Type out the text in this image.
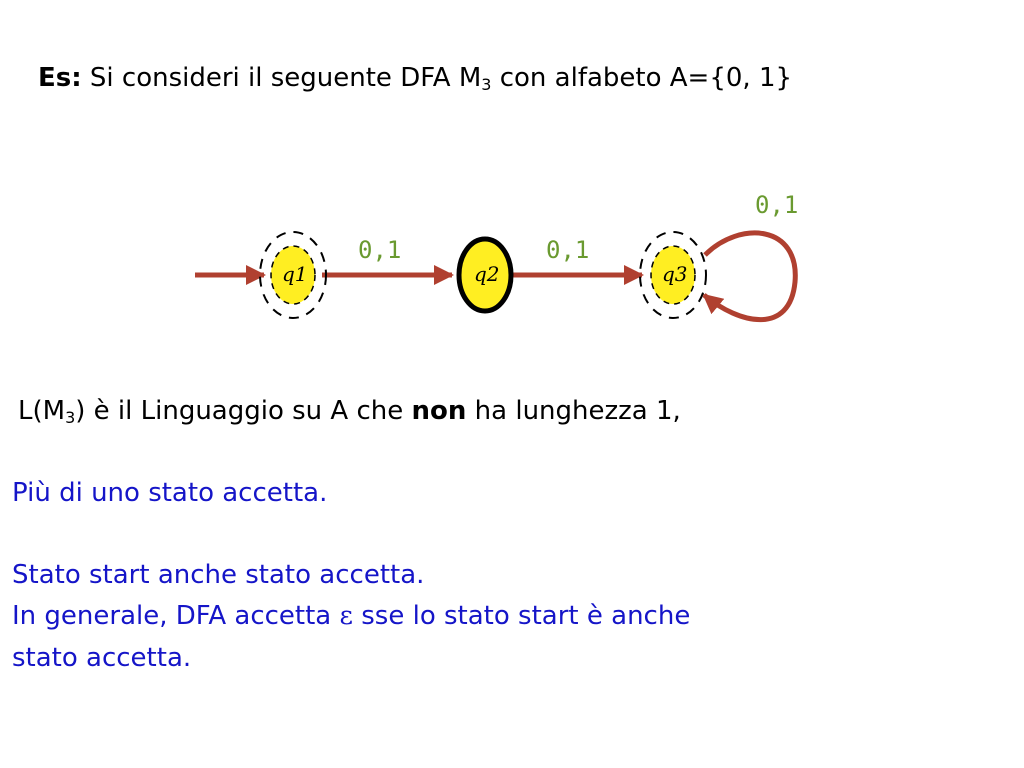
Es: Si consideri il seguente DFA $M_3$ con alfabeto A={0, 1}
0,1	0,1
0,1
q1	q2	q3
$L(M_3)$ è il Linguaggio su A che non ha lunghezza 1,
Più di uno stato accetta.
Stato start anche stato accetta.
In generale, DFA accetta ε sse lo stato start è anche
stato accetta.
